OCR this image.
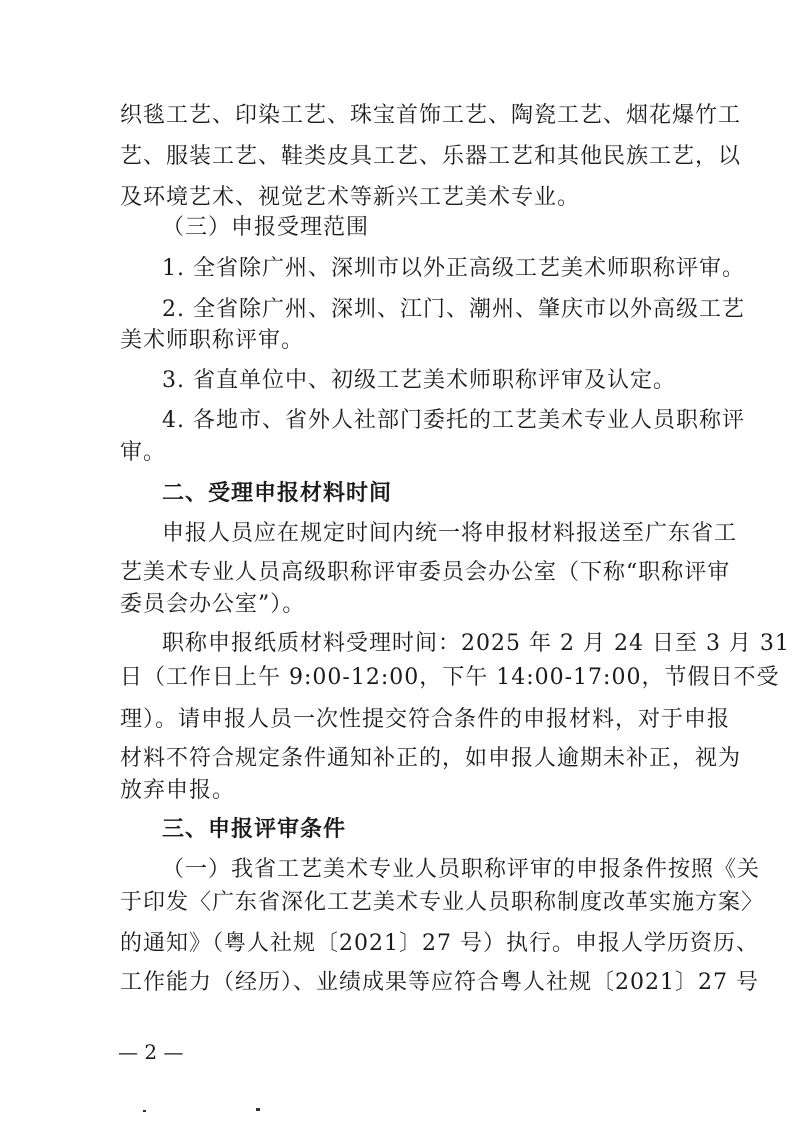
织毯工艺、印染工艺、珠宝首饰工艺、陶瓷工艺、烟花爆竹工
艺、服装工艺、鞋类皮具工艺、乐器工艺和其他民族工艺，以
及环境艺术、视觉艺术等新兴工艺美术专业。
（三）申报受理范围
1. 全省除广州、深圳市以外正高级工艺美术师职称评审。
2. 全省除广州、深圳、江门、潮州、肇庆市以外高级工艺
美术师职称评审。
3. 省直单位中、初级工艺美术师职称评审及认定。
4. 各地市、省外人社部门委托的工艺美术专业人员职称评
审。
二、受理申报材料时间
申报人员应在规定时间内统一将申报材料报送至广东省工
艺美术专业人员高级职称评审委员会办公室（下称“职称评审
委员会办公室”）。
职称申报纸质材料受理时间：2025 年 2 月 24 日至 3 月 31
日（工作日上午 9:00-12:00，下午 14:00-17:00，节假日不受
理）。请申报人员一次性提交符合条件的申报材料，对于申报
材料不符合规定条件通知补正的，如申报人逾期未补正，视为
放弃申报。
三、申报评审条件
（一）我省工艺美术专业人员职称评审的申报条件按照《关
于印发〈广东省深化工艺美术专业人员职称制度改革实施方案〉
的通知》（粤人社规〔2021〕27 号）执行。申报人学历资历、
工作能力（经历）、业绩成果等应符合粤人社规〔2021〕27 号
— 2 —
